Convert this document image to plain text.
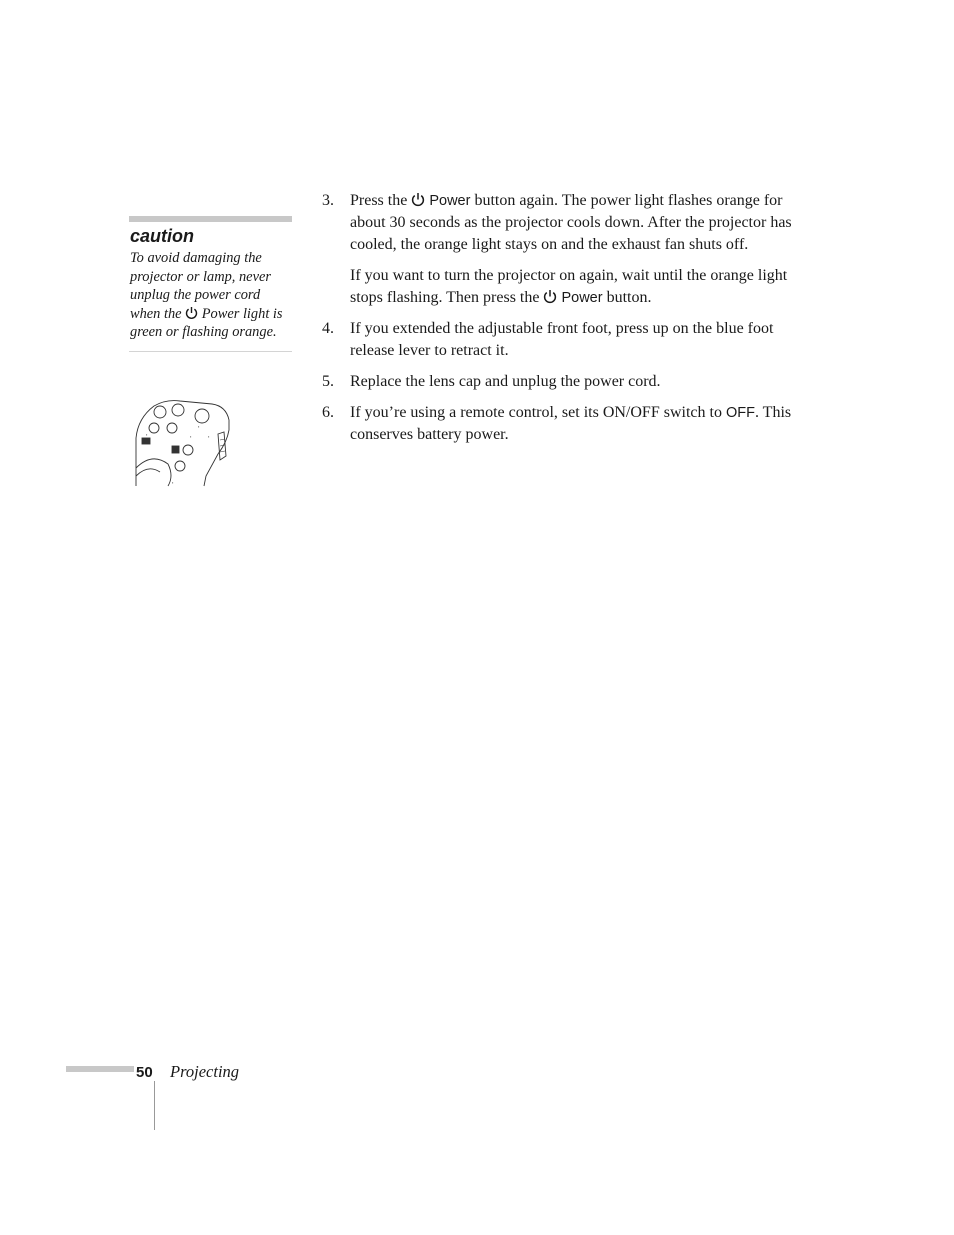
caution
To avoid damaging the projector or lamp, never unplug the power cord when the  Power light is green or flashing orange.
▪	▪
▪
▪
▪
3. Press the  Power button again. The power light flashes orange for about 30 seconds as the projector cools down. After the projector has cooled, the orange light stays on and the exhaust fan shuts off.

If you want to turn the projector on again, wait until the orange light stops flashing. Then press the  Power button.

4. If you extended the adjustable front foot, press up on the blue foot release lever to retract it.

5. Replace the lens cap and unplug the power cord.

6. If you’re using a remote control, set its ON/OFF switch to OFF. This conserves battery power.

50 Projecting
